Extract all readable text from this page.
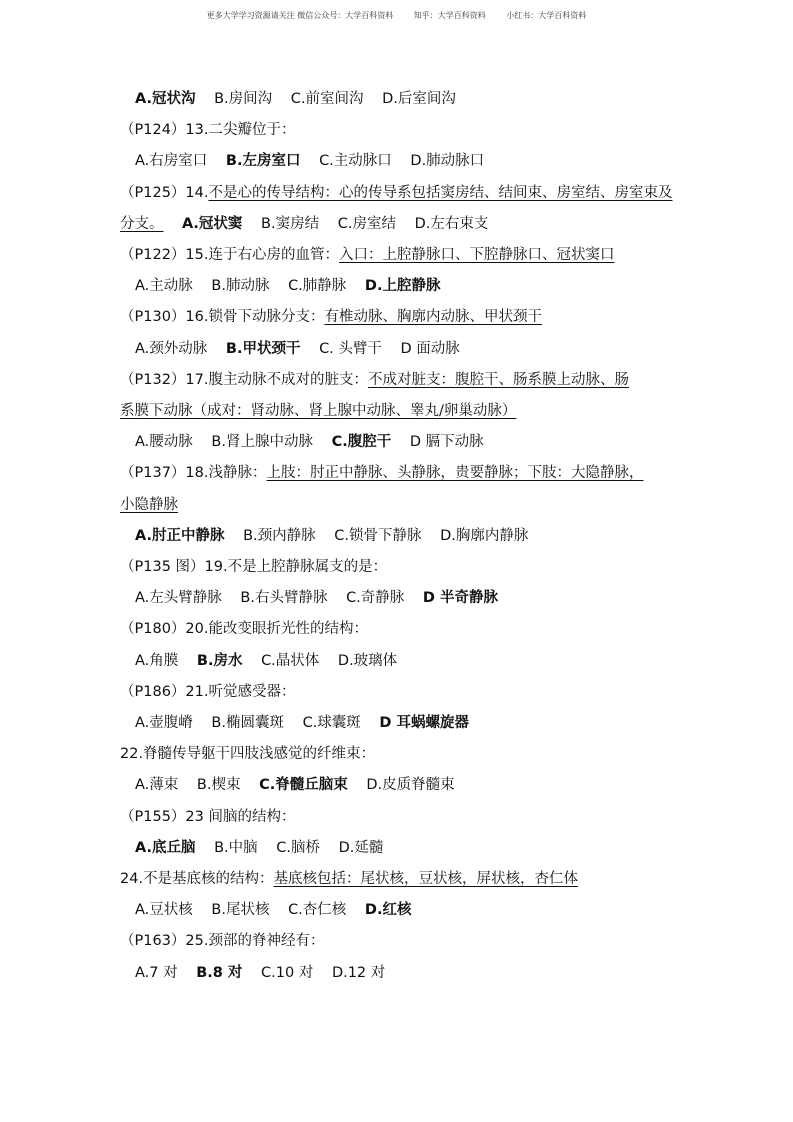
更多大学学习资源请关注 微信公众号：大学百科资料	知乎：大学百科资料	小红书：大学百科资料
A.冠状沟 B.房间沟 C.前室间沟 D.后室间沟
（P124）13.二尖瓣位于：
A.右房室口 B.左房室口 C.主动脉口 D.肺动脉口
（P125）14.不是心的传导结构：心的传导系包括窦房结、结间束、房室结、房室束及分支。 A.冠状窦 B.窦房结 C.房室结 D.左右束支
（P122）15.连于右心房的血管：入口：上腔静脉口、下腔静脉口、冠状窦口
A.主动脉 B.肺动脉 C.肺静脉 D.上腔静脉
（P130）16.锁骨下动脉分支：有椎动脉、胸廓内动脉、甲状颈干
A.颈外动脉 B.甲状颈干 C. 头臂干 D 面动脉
（P132）17.腹主动脉不成对的脏支：不成对脏支：腹腔干、肠系膜上动脉、肠
系膜下动脉（成对：肾动脉、肾上腺中动脉、睾丸/卵巢动脉）
A.腰动脉 B.肾上腺中动脉 C.腹腔干 D 膈下动脉
（P137）18.浅静脉：上肢：肘正中静脉、头静脉，贵要静脉；下肢：大隐静脉，
小隐静脉
A.肘正中静脉 B.颈内静脉 C.锁骨下静脉 D.胸廓内静脉
（P135 图）19.不是上腔静脉属支的是：
A.左头臂静脉 B.右头臂静脉 C.奇静脉 D 半奇静脉
（P180）20.能改变眼折光性的结构：
A.角膜 B.房水 C.晶状体 D.玻璃体
（P186）21.听觉感受器：
A.壶腹嵴 B.椭圆囊斑 C.球囊斑 D 耳蜗螺旋器
22.脊髓传导躯干四肢浅感觉的纤维束：
A.薄束 B.楔束 C.脊髓丘脑束 D.皮质脊髓束
（P155）23 间脑的结构：
A.底丘脑 B.中脑 C.脑桥 D.延髓
24.不是基底核的结构：基底核包括：尾状核，豆状核，屏状核，杏仁体
A.豆状核 B.尾状核 C.杏仁核 D.红核
（P163）25.颈部的脊神经有：
A.7 对 B.8 对 C.10 对 D.12 对
